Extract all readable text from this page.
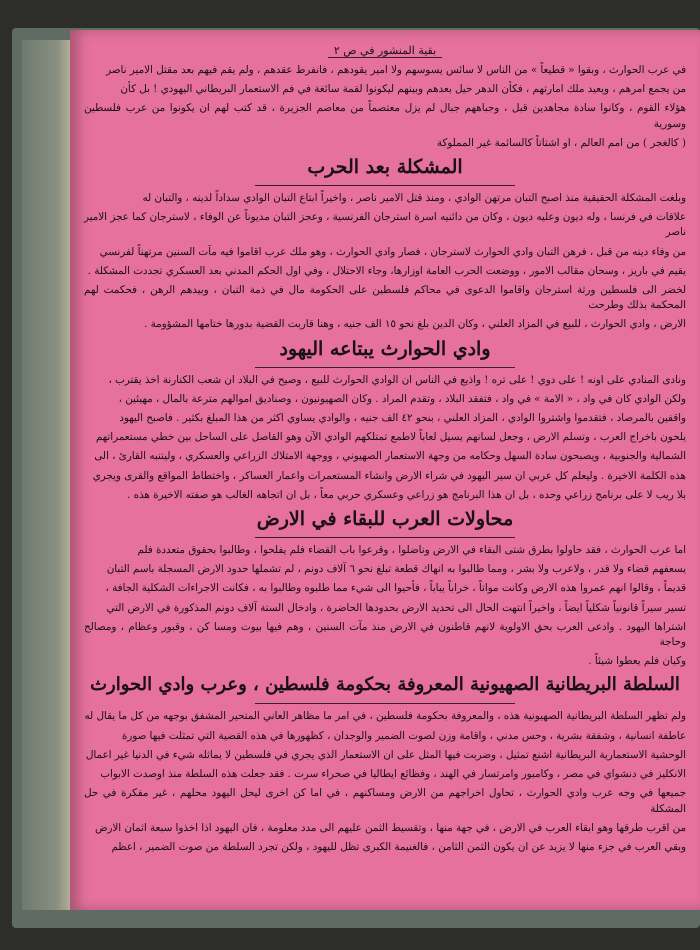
بقية المنشور في ص ٢

في عرب الحوارث ، وبقوا « قطيعاً » من الناس لا سائس يسوسهم ولا امير يقودهم ، فانفرط عقدهم ، ولم يقم فيهم بعد مقتل الامير ناصر

من يجمع امرهم ، ويعيد ملك امارتهم ، فكأن الدهر حيل بعدهم وبينهم ليكونوا لقمة سائغة في فم الاستعمار البريطاني اليهودي ! بل كأن

هؤلاء القوم ، وكانوا سادة مجاهدين قبل ، وجباههم جبال لم يزل معتصماً من معاصم الجزيرة ، قد كتب لهم ان يكونوا من عرب فلسطين وسورية

( كالغجر ) من امم العالم ، او اشتاتاً كالسائمة غير المملوكة

المشكلة بعد الحرب

وبلغت المشكلة الحقيقية منذ اصبح التبان مرتهن الوادي ، ومنذ قتل الامير ناصر ، واخيراً ابتاع التبان الوادي سداداً لدينه ، والتبان له

علاقات في فرنسا ، وله ديون وعليه ديون ، وكان من دائنيه اسرة استرجان الفرنسية ، وعجز التبان مديوناً عن الوفاء ، لاسترجان كما عجز الامير ناصر

من وفاء دينه من قبل ، فرهن التبان وادي الحوارث لاسترجان ، فصار وادي الحوارث ، وهو ملك عرب اقاموا فيه مآت السنين مرتهناً لفرنسي

يقيم في باريز ، وسحان مقالب الامور ، ووضعت الحرب العامة اوزارها، وجاء الاحتلال ، وفي اول الحكم المدني بعد العسكري تجددت المشكلة .

لخضر الى فلسطين ورثة استرجان واقاموا الدعوى في محاكم فلسطين على الحكومة مال في ذمة التبان ، وبيدهم الرهن ، فحكمت لهم المحكمة بذلك وطرحت

الارض ، وادي الحوارث ، للبيع في المزاد العلني ، وكان الدين بلغ نحو ١٥ الف جنيه ، وهنا قاربت القضية بدورها ختامها المشؤومة .

وادي الحوارث يبتاعه اليهود

ونادى المنادي على اونه ! على دوي ! على تره ! واذيع في الناس ان الوادي الحوارث للبيع ، وصيح في البلاد ان شعب الكنارنة اخذ يقترب ،

ولكن الوادي كان في واد ، « الامة » في واد ، فتفقد البلاد ، وتقدم المراد . وكان الصهيونيون ، وصناديق اموالهم مترعة بالمال ، مهيئين ،

واقفين بالمرصاد ، فتقدموا واشتروا الوادي ، المزاد العلني ، بنحو ٤٢ الف جنيه ، والوادي يساوي اكثر من هذا المبلغ بكثير . فاصبح اليهود

يلحون باخراج العرب ، وتسلم الارض ، وجعل لسانهم يسيل لعاباً لاطمع تمتلكهم الوادي الآن وهو القاصل على الساحل بين خطي مستعمراتهم

الشمالية والجنوبية ، ويصبحون سادة السهل وحكامه من وجهة الاستعمار الصهيوني ، ووجهة الامتلاك الزراعي والعسكري ، وليتنبه القارئ ، الى

هذه الكلمة الاخيرة . وليعلم كل عربي ان سير اليهود في شراء الارض وانشاء المستعمرات واعمار العساكر ، واختطاط المواقع والقرى ويجري

بلا ريب لا على برنامج زراعي وحده ، بل ان هذا البرنامج هو زراعي وعسكري حربي معاً ، بل ان اتجاهه الغالب هو صفته الاخيرة هذه .

محاولات العرب للبقاء في الارض

اما عرب الحوارث ، فقد حاولوا بطرق شتى البقاء في الارض وناضلوا ، وقرعوا باب القضاء فلم يفلحوا ، وطالبوا بحقوق متعددة فلم

يسعفهم قضاء ولا قدر ، ولاعرب ولا بشر ، ومما طالبوا به انهاك قطعة تبلغ نحو ٦ آلاف دونم ، لم تشملها حدود الارض المسجلة باسم التبان

قديماً ، وقالوا انهم عمروا هذه الارض وكانت مواتاً ، خراباً يباباً ، فأحيوا الى شيء مما طلبوه وطالبوا به ، فكانت الاجراءات الشكلية الجافة ،

تسير سيراً قانونياً شكلياً ايضاً ، واخيراً انتهت الحال الى تحديد الارض بحدودها الحاضرة ، وادخال الستة آلاف دونم المذكورة في الارض التي

اشتراها اليهود . وادعى العرب بحق الاولوية لانهم قاطنون في الارض منذ مآت السنين ، وهم فيها بيوت ومسا كن ، وقبور وعظام ، ومصالح وحاجة

وكيان فلم يعطوا شيئاً .

السلطة البريطانية الصهيونية المعروفة بحكومة فلسطين ، وعرب وادي الحوارث

ولم تظهر السلطة البريطانية الصهيونية هذه ، والمعروفة بحكومة فلسطين ، في امر ما مظاهر العاني المتحير المشفق بوجهه من كل ما يقال له

عاطفة انسانية ، وشفقة بشرية ، وحس مدني ، واقامة وزن لصوت الضمير والوجدان ، كظهورها في هذه القضية التي تمثلت فيها صورة

الوحشية الاستعمارية البريطانية اشنع تمثيل ، وضربت فيها المثل على ان الاستعمار الذي يجري في فلسطين لا يماثله شيء في الدنيا غير اعمال

الانكليز في دنشواي في مصر ، وكامبور وامرتسار في الهند ، وفظائع ايطاليا في صحراء سرت . فقد جعلت هذه السلطة منذ اوصدت الابواب

جميعها في وجه عرب وادي الحوارث ، تحاول اخراجهم من الارض ومساكنهم ، في اما كن اخرى ليحل اليهود محلهم ، غير مفكرة في حل المشكلة

من اقرب طرقها وهو ابقاء العرب في الارض ، في جهة منها ، وتقسيط الثمن عليهم الى مدد معلومة ، فان اليهود اذا اخذوا سبعة اثمان الارض

وبقي العرب في جزء منها لا يزيد عن ان يكون الثمن الثامن ، فالغنيمة الكبرى تظل لليهود ، ولكن تجرد السلطة من صوت الضمير ، اعظم
